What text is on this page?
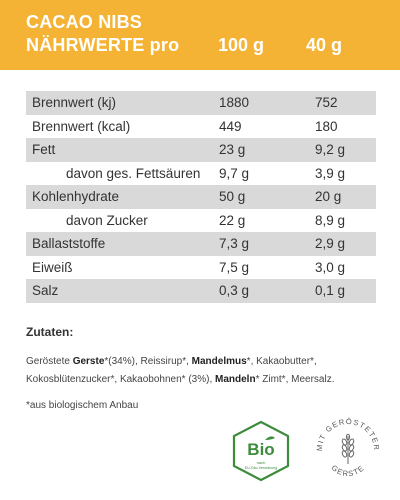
CACAO NIBS
NÄHRWERTE pro 100 g 40 g
Brennwert (kj)	1880	752
Brennwert (kcal)	449	180
Fett	23 g	9,2 g
davon ges. Fettsäuren 9,7 g	3,9 g
Kohlenhydrate	50 g	20 g
davon Zucker	22 g	8,9 g
Ballaststoffe	7,3 g	2,9 g
Eiweiß	7,5 g	3,0 g
Salz	0,3 g	0,1 g
Zutaten:
Geröstete Gerste*(34%), Reissirup*, Mandelmus*, Kakaobutter*, Kokosblütenzucker*, Kakaobohnen* (3%), Mandeln* Zimt*, Meersalz.
*aus biologischem Anbau
Bio
nach
EU-Öko-Verordnung
MIT GERÖSTETER
GERSTE
